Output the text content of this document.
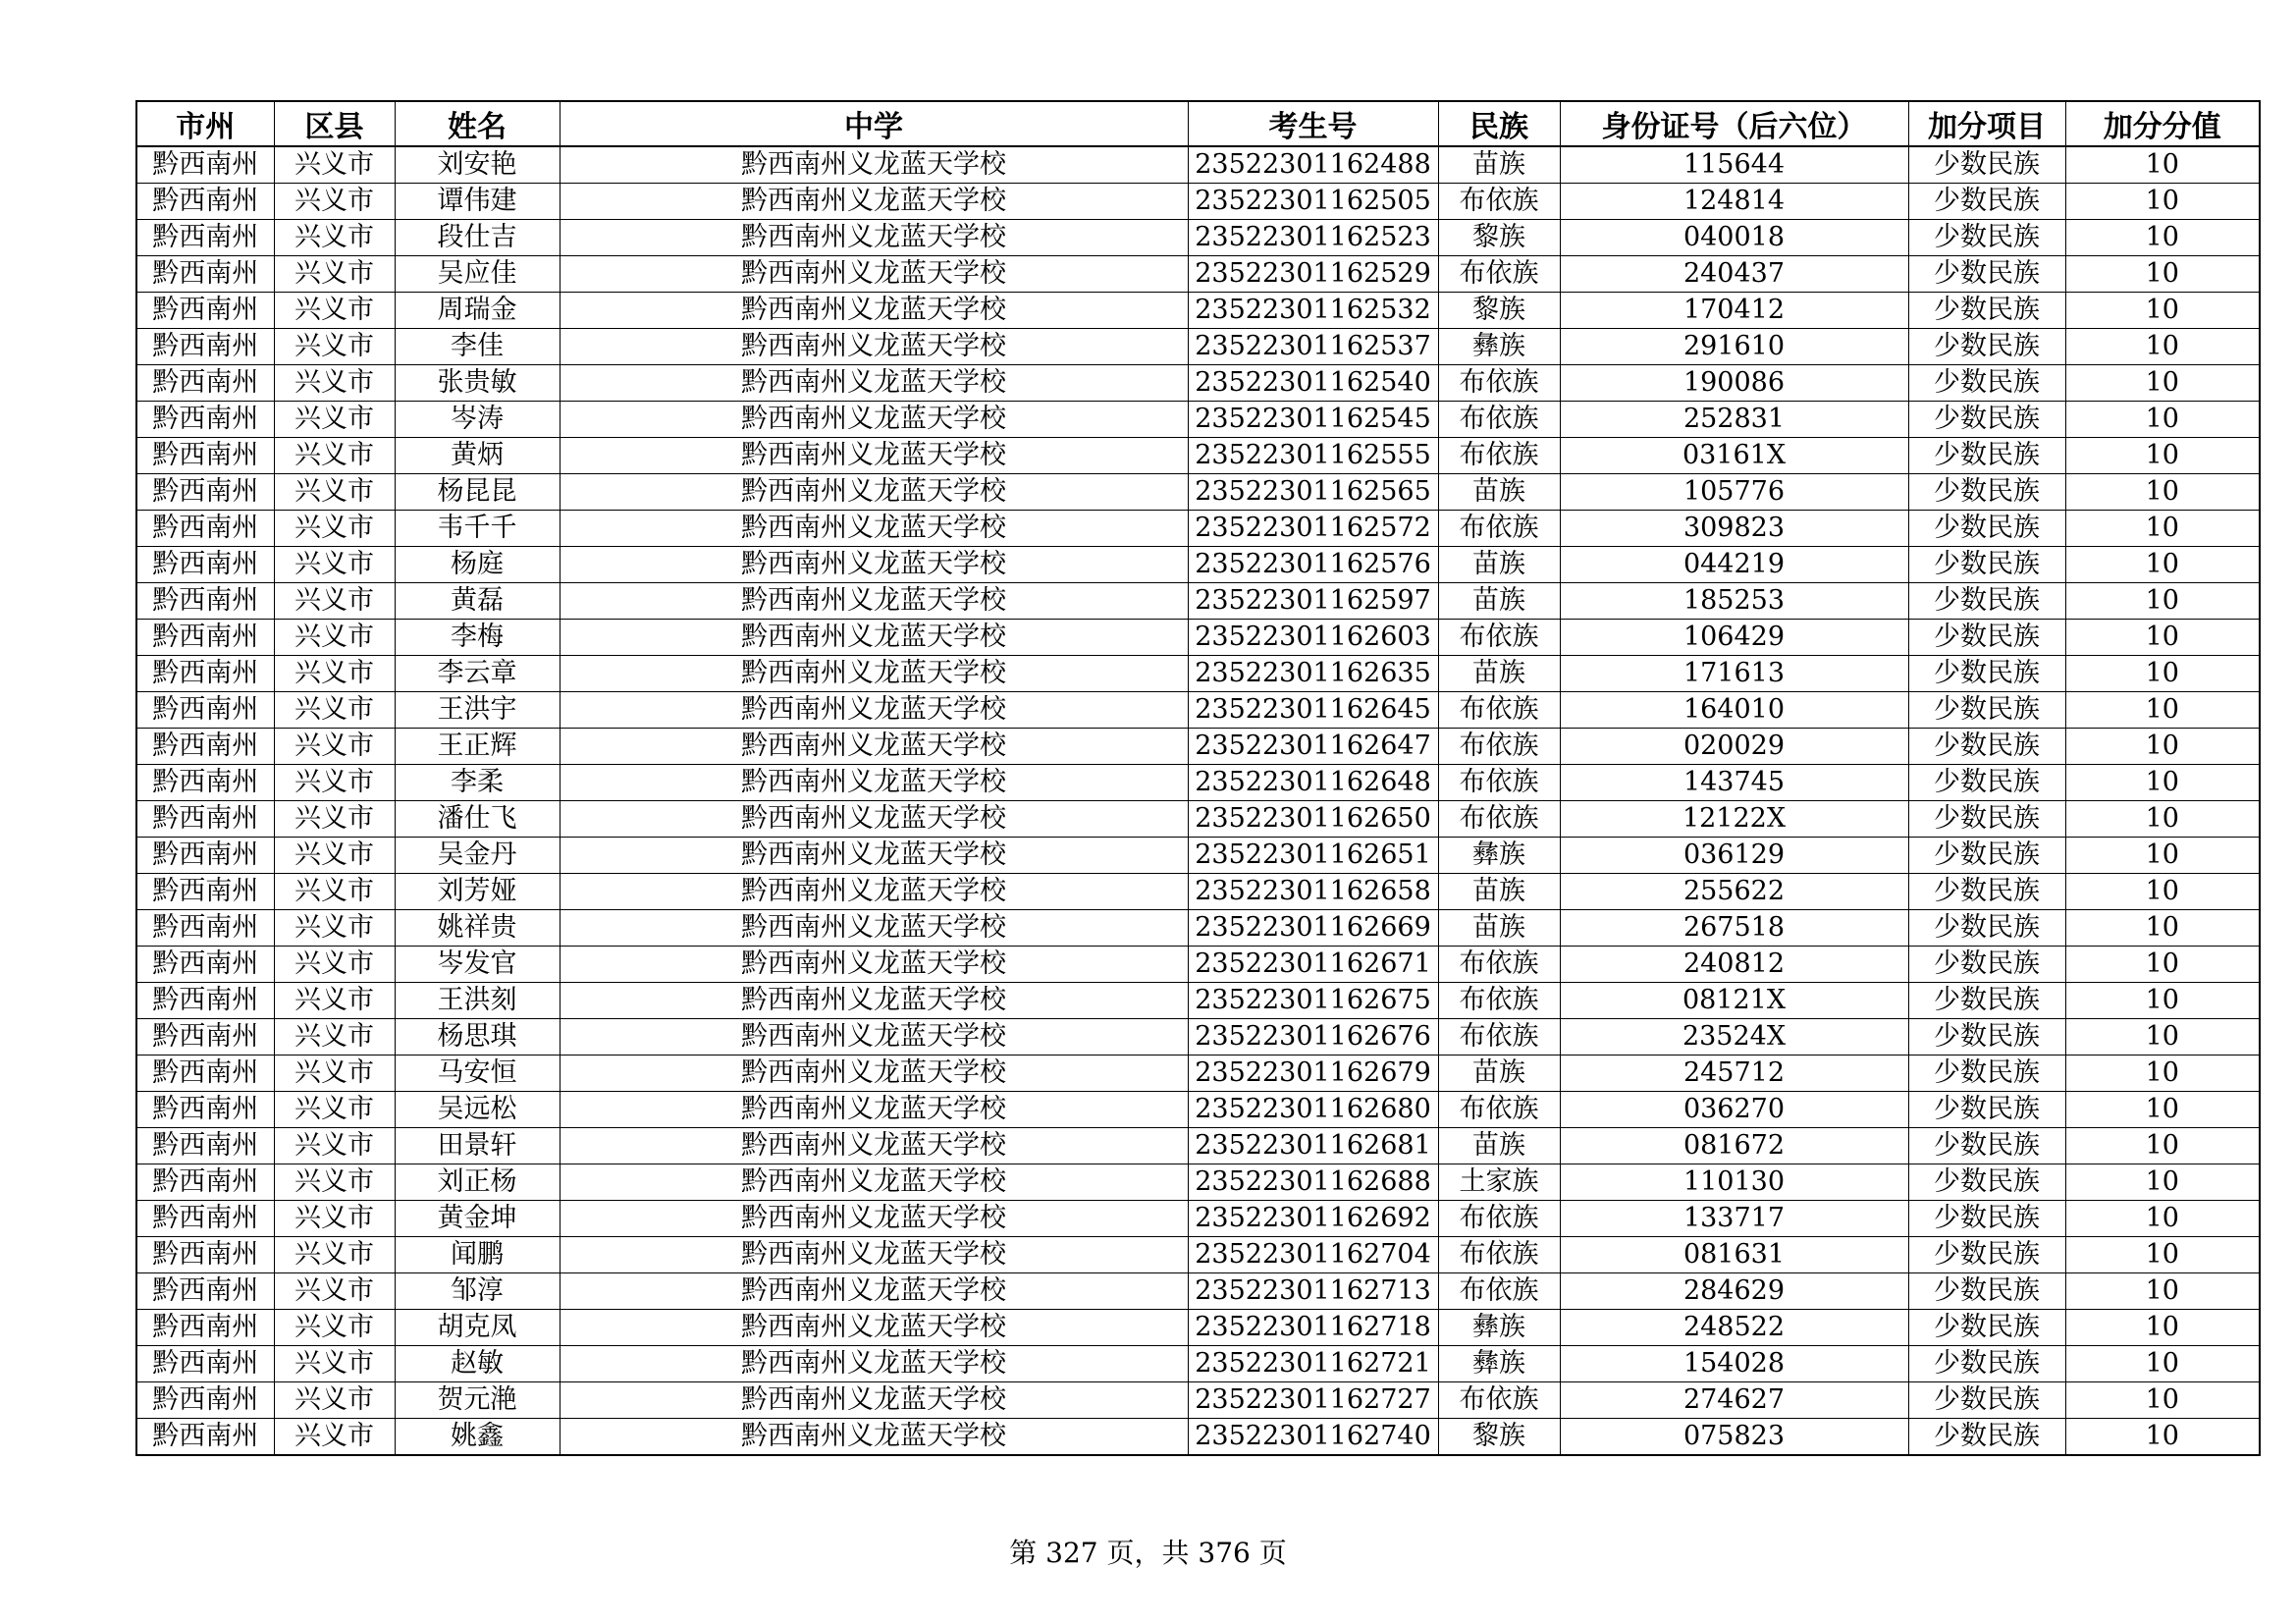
市州	区县	姓名	中学	考生号	民族	身份证号（后六位）	加分项目	加分分值
黔西南州	兴义市	刘安艳	黔西南州义龙蓝天学校	23522301162488	苗族	115644	少数民族	10
黔西南州	兴义市	谭伟建	黔西南州义龙蓝天学校	23522301162505	布依族	124814	少数民族	10
黔西南州	兴义市	段仕吉	黔西南州义龙蓝天学校	23522301162523	黎族	040018	少数民族	10
黔西南州	兴义市	吴应佳	黔西南州义龙蓝天学校	23522301162529	布依族	240437	少数民族	10
黔西南州	兴义市	周瑞金	黔西南州义龙蓝天学校	23522301162532	黎族	170412	少数民族	10
黔西南州	兴义市	李佳	黔西南州义龙蓝天学校	23522301162537	彝族	291610	少数民族	10
黔西南州	兴义市	张贵敏	黔西南州义龙蓝天学校	23522301162540	布依族	190086	少数民族	10
黔西南州	兴义市	岑涛	黔西南州义龙蓝天学校	23522301162545	布依族	252831	少数民族	10
黔西南州	兴义市	黄炳	黔西南州义龙蓝天学校	23522301162555	布依族	03161X	少数民族	10
黔西南州	兴义市	杨昆昆	黔西南州义龙蓝天学校	23522301162565	苗族	105776	少数民族	10
黔西南州	兴义市	韦千千	黔西南州义龙蓝天学校	23522301162572	布依族	309823	少数民族	10
黔西南州	兴义市	杨庭	黔西南州义龙蓝天学校	23522301162576	苗族	044219	少数民族	10
黔西南州	兴义市	黄磊	黔西南州义龙蓝天学校	23522301162597	苗族	185253	少数民族	10
黔西南州	兴义市	李梅	黔西南州义龙蓝天学校	23522301162603	布依族	106429	少数民族	10
黔西南州	兴义市	李云章	黔西南州义龙蓝天学校	23522301162635	苗族	171613	少数民族	10
黔西南州	兴义市	王洪宇	黔西南州义龙蓝天学校	23522301162645	布依族	164010	少数民族	10
黔西南州	兴义市	王正辉	黔西南州义龙蓝天学校	23522301162647	布依族	020029	少数民族	10
黔西南州	兴义市	李柔	黔西南州义龙蓝天学校	23522301162648	布依族	143745	少数民族	10
黔西南州	兴义市	潘仕飞	黔西南州义龙蓝天学校	23522301162650	布依族	12122X	少数民族	10
黔西南州	兴义市	吴金丹	黔西南州义龙蓝天学校	23522301162651	彝族	036129	少数民族	10
黔西南州	兴义市	刘芳娅	黔西南州义龙蓝天学校	23522301162658	苗族	255622	少数民族	10
黔西南州	兴义市	姚祥贵	黔西南州义龙蓝天学校	23522301162669	苗族	267518	少数民族	10
黔西南州	兴义市	岑发官	黔西南州义龙蓝天学校	23522301162671	布依族	240812	少数民族	10
黔西南州	兴义市	王洪刻	黔西南州义龙蓝天学校	23522301162675	布依族	08121X	少数民族	10
黔西南州	兴义市	杨思琪	黔西南州义龙蓝天学校	23522301162676	布依族	23524X	少数民族	10
黔西南州	兴义市	马安恒	黔西南州义龙蓝天学校	23522301162679	苗族	245712	少数民族	10
黔西南州	兴义市	吴远松	黔西南州义龙蓝天学校	23522301162680	布依族	036270	少数民族	10
黔西南州	兴义市	田景轩	黔西南州义龙蓝天学校	23522301162681	苗族	081672	少数民族	10
黔西南州	兴义市	刘正杨	黔西南州义龙蓝天学校	23522301162688	土家族	110130	少数民族	10
黔西南州	兴义市	黄金坤	黔西南州义龙蓝天学校	23522301162692	布依族	133717	少数民族	10
黔西南州	兴义市	闻鹏	黔西南州义龙蓝天学校	23522301162704	布依族	081631	少数民族	10
黔西南州	兴义市	邹淳	黔西南州义龙蓝天学校	23522301162713	布依族	284629	少数民族	10
黔西南州	兴义市	胡克凤	黔西南州义龙蓝天学校	23522301162718	彝族	248522	少数民族	10
黔西南州	兴义市	赵敏	黔西南州义龙蓝天学校	23522301162721	彝族	154028	少数民族	10
黔西南州	兴义市	贺元滟	黔西南州义龙蓝天学校	23522301162727	布依族	274627	少数民族	10
黔西南州	兴义市	姚鑫	黔西南州义龙蓝天学校	23522301162740	黎族	075823	少数民族	10
第 327 页，共 376 页
